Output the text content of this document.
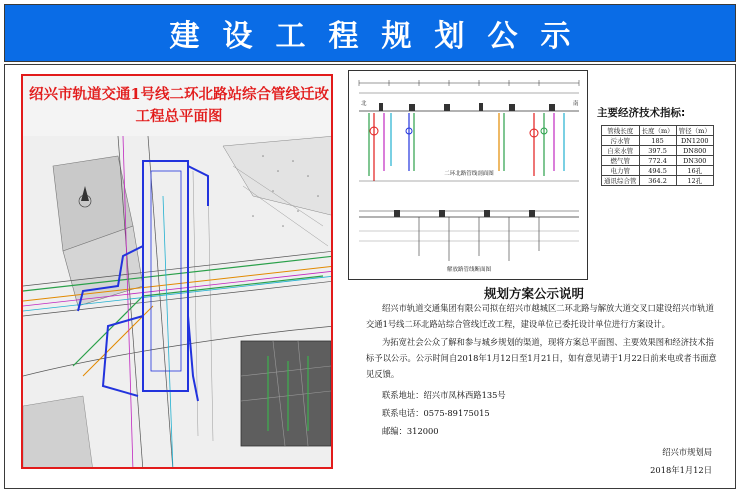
建设工程规划公示
绍兴市轨道交通1号线二环北路站综合管线迁改
工程总平面图
北	南
二环北路管线剖面图
解放路管线断面图
主要经济技术指标:
管线长度	长度（m）	管径（m）
污水管	185	DN1200
自来水管	397.5	DN800
燃气管	772.4	DN300
电力管	494.5	16孔
通讯综合管	364.2	12孔
规划方案公示说明

绍兴市轨道交通集团有限公司拟在绍兴市越城区二环北路与解放大道交叉口建设绍兴市轨道交通1号线二环北路站综合管线迁改工程，建设单位已委托设计单位进行方案设计。

为拓宽社会公众了解和参与城乡规划的渠道，现将方案总平面图、主要效果图和经济技术指标予以公示。公示时间自2018年1月12日至1月21日，如有意见请于1月22日前来电或者书面意见反馈。

联系地址：绍兴市凤林西路135号
联系电话：0575-89175015
邮编：312000
绍兴市规划局
2018年1月12日
